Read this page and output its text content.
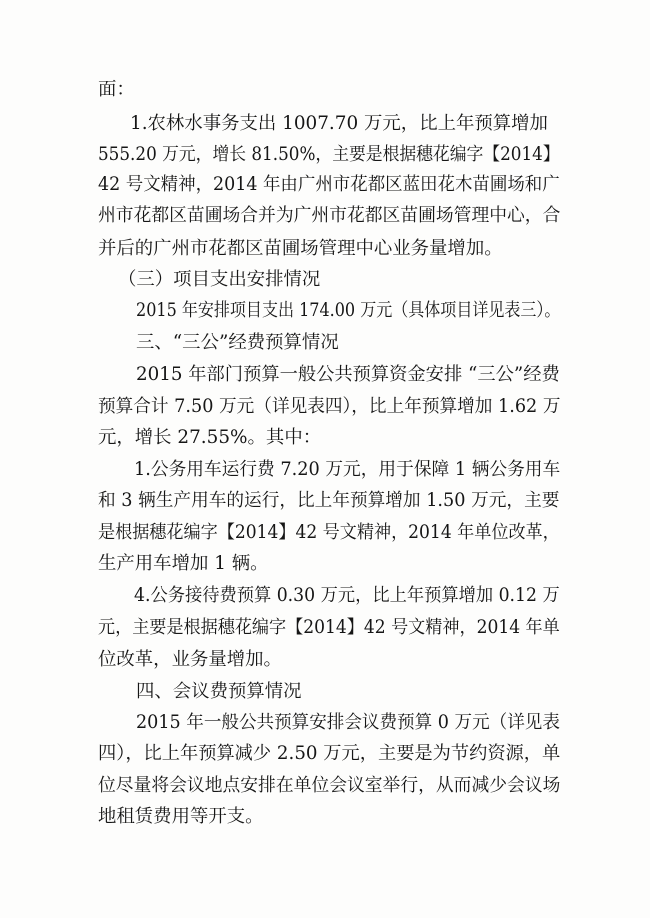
面：
1.农林水事务支出 1007.70 万元，比上年预算增加
555.20 万元，增长 81.50%，主要是根据穗花编字【2014】
42 号文精神，2014 年由广州市花都区蓝田花木苗圃场和广
州市花都区苗圃场合并为广州市花都区苗圃场管理中心，合
并后的广州市花都区苗圃场管理中心业务量增加。
（三）项目支出安排情况
2015 年安排项目支出 174.00 万元（具体项目详见表三）。
三、“三公”经费预算情况
2015 年部门预算一般公共预算资金安排 “三公”经费
预算合计 7.50 万元（详见表四），比上年预算增加 1.62 万
元，增长 27.55%。其中：
1.公务用车运行费 7.20 万元，用于保障 1 辆公务用车
和 3 辆生产用车的运行，比上年预算增加 1.50 万元，主要
是根据穗花编字【2014】42 号文精神，2014 年单位改革，
生产用车增加 1 辆。
4.公务接待费预算 0.30 万元，比上年预算增加 0.12 万
元，主要是根据穗花编字【2014】42 号文精神，2014 年单
位改革，业务量增加。
四、会议费预算情况
2015 年一般公共预算安排会议费预算 0 万元（详见表
四），比上年预算减少 2.50 万元，主要是为节约资源，单
位尽量将会议地点安排在单位会议室举行，从而减少会议场
地租赁费用等开支。
